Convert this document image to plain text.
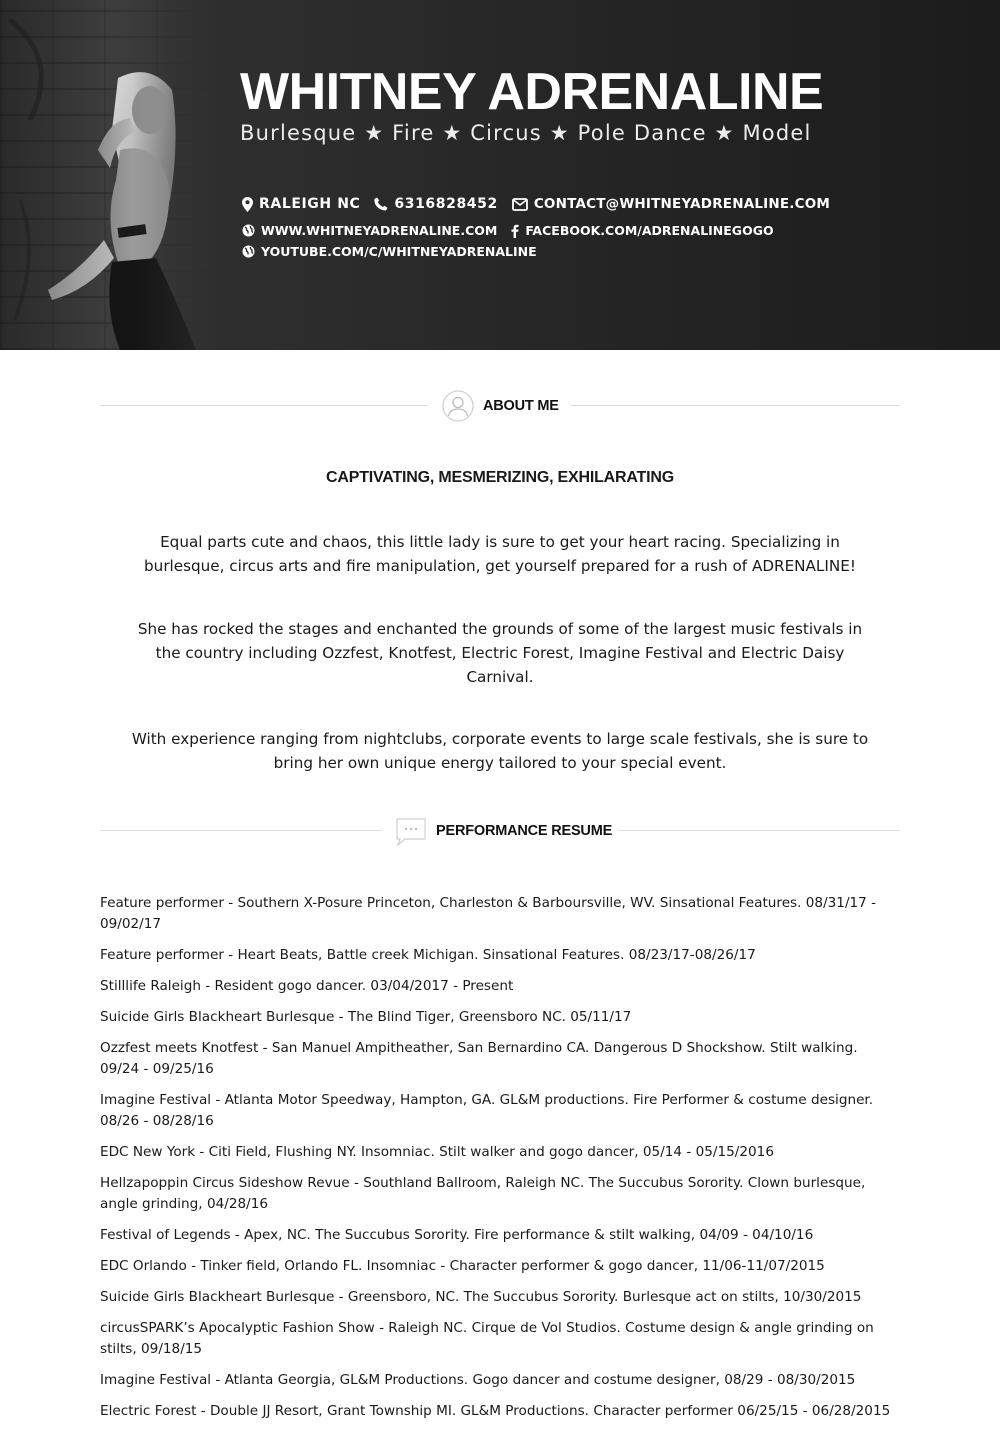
WHITNEY ADRENALINE
Burlesque ★ Fire ★ Circus ★ Pole Dance ★ Model
RALEIGH NC 6316828452	CONTACT@WHITNEYADRENALINE.COM
WWW.WHITNEYADRENALINE.COM FACEBOOK.COM/ADRENALINEGOGO
YOUTUBE.COM/C/WHITNEYADRENALINE
ABOUT ME
CAPTIVATING, MESMERIZING, EXHILARATING

Equal parts cute and chaos, this little lady is sure to get your heart racing. Specializing in burlesque, circus arts and fire manipulation, get yourself prepared for a rush of ADRENALINE!

She has rocked the stages and enchanted the grounds of some of the largest music festivals in the country including Ozzfest, Knotfest, Electric Forest, Imagine Festival and Electric Daisy Carnival.

With experience ranging from nightclubs, corporate events to large scale festivals, she is sure to bring her own unique energy tailored to your special event.

PERFORMANCE RESUME
Feature performer - Southern X-Posure Princeton, Charleston & Barboursville, WV. Sinsational Features. 08/31/17 - 09/02/17
Feature performer - Heart Beats, Battle creek Michigan. Sinsational Features. 08/23/17-08/26/17
Stilllife Raleigh - Resident gogo dancer. 03/04/2017 - Present
Suicide Girls Blackheart Burlesque - The Blind Tiger, Greensboro NC. 05/11/17
Ozzfest meets Knotfest - San Manuel Ampitheather, San Bernardino CA. Dangerous D Shockshow. Stilt walking. 09/24 - 09/25/16
Imagine Festival - Atlanta Motor Speedway, Hampton, GA. GL&M productions. Fire Performer & costume designer. 08/26 - 08/28/16
EDC New York - Citi Field, Flushing NY. Insomniac. Stilt walker and gogo dancer, 05/14 - 05/15/2016
Hellzapoppin Circus Sideshow Revue - Southland Ballroom, Raleigh NC. The Succubus Sorority. Clown burlesque, angle grinding, 04/28/16
Festival of Legends - Apex, NC. The Succubus Sorority. Fire performance & stilt walking, 04/09 - 04/10/16
EDC Orlando - Tinker field, Orlando FL. Insomniac - Character performer & gogo dancer, 11/06-11/07/2015
Suicide Girls Blackheart Burlesque - Greensboro, NC. The Succubus Sorority. Burlesque act on stilts, 10/30/2015
circusSPARK’s Apocalyptic Fashion Show - Raleigh NC. Cirque de Vol Studios. Costume design & angle grinding on stilts, 09/18/15
Imagine Festival - Atlanta Georgia, GL&M Productions. Gogo dancer and costume designer, 08/29 - 08/30/2015
Electric Forest - Double JJ Resort, Grant Township MI. GL&M Productions. Character performer 06/25/15 - 06/28/2015
